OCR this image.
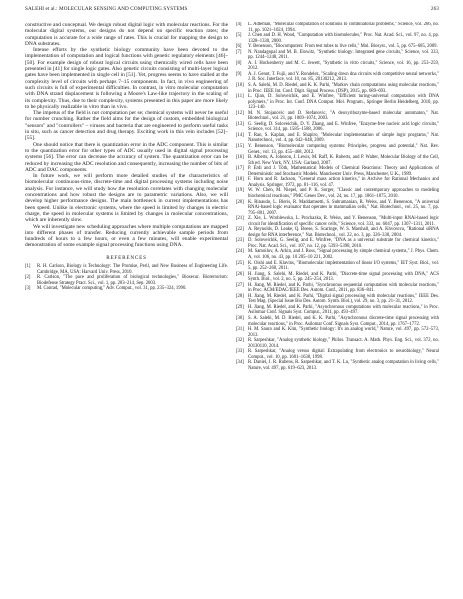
SALEHI et al.: MOLECULAR SENSING AND COMPUTING SYSTEMS	263

constructive and conceptual. We design robust digital logic with molecular reactions. For the molecular digital systems, our designs do not depend on specific reaction rates; the computation is accurate for a wide range of rates. This is crucial for mapping the design to DNA substrates.

Intense efforts by the synthetic biology community have been devoted to the implementation of computation and logical functions with genetic regulatory elements [46]–[50]. For example design of robust logical circuits using chemically wired cells have been presented in [41] for single logic gates. Also genetic circuits consisting of multi-layer logical gates have been implemented in single cell in [51]. Yet, progress seems to have stalled at the complexity level of circuits with perhaps 7–15 components. In fact, in vivo engineering of such circuits is full of experimental difficulties. In contrast, in vitro molecular computation with DNA strand displacement is following a Moore's Law-like trajectory in the scaling of its complexity. Thus, due to their complexity, systems presented in this paper are more likely to be physically realizable in vitro than in vivo.

The impetus of the field is not computation per se; chemical systems will never be useful for number crunching. Rather the field aims for the design of custom, embedded biological "sensors" and "controllers" – viruses and bacteria that are engineered to perform useful tasks in situ, such as cancer detection and drug therapy. Exciting work in this vein includes [52]–[55].

One should notice that there is quantization error in the ADC component. This is similar to the quantization error for other types of ADC usually used in digital signal processing systems [56]. The error can decrease the accuracy of system. The quantization error can be reduced by increasing the ADC resolution and consequently, increasing the number of bits of ADC and DAC components.

In future work, we will perform more detailed studies of the characteristics of biomolecular continuous-time, discrete-time and digital processing systems including noise analysis. For instance, we will study how the resolution correlates with changing molecular concentrations and how robust the designs are to parametric variations. Also, we will develop higher performance designs. The main bottleneck in current implementations has been speed. Unlike in electronic systems, where the speed is limited by changes in electric charge, the speed in molecular systems is limited by changes in molecular concentrations, which are inherently slow.

We will investigate new scheduling approaches where multiple computations are mapped into different phases of transfer. Reducing currently achievable sample periods from hundreds of hours to a few hours, or even a few minutes, will enable experimental demonstration of some example signal processing functions using DNA.

REFERENCES
[1]	R. H. Carlson, Biology is Technology: The Promise, Peril, and New Business of Engineering Life. Cambridge, MA, USA: Harvard Univ. Press, 2010.
[2]	R. Carlson, "The pace and proliferation of biological technologies," Biosecur. Bioterrorism: Biodefense Strategy Pract. Sci., vol. 1, pp. 203–214, Sep. 2003.
[3]	M. Conrad, "Molecular computing," Adv. Comput., vol. 31, pp. 235–324, 1990.
[4]	L. Adleman, "Molecular computation of solutions to combinatorial problems," Science, vol. 266, no. 11, pp. 1021–1024, 1994.
[5]	J. Chen and D. H. Wood, "Computation with biomolecules," Proc. Nat. Acad. Sci., vol. 97, no. 4, pp. 1328–1330, 2000.
[6]	Y. Benenson, "Biocomputers: From test tubes to live cells," Mol. Biosyst., vol. 5, pp. 675–685, 2009.
[7]	N. Nandagopal and M. B. Elowitz, "Synthetic biology: Integrated gene circuits," Science, vol. 333, pp. 1244–1248, 2011.
[8]	A. J. Hockenberry and M. C. Jewett, "Synthetic in vitro circuits," Science, vol. 16, pp. 253–259, 2012.
[9]	A. J. Genot, T. Fujii, and Y. Rondelez, "Scaling down dna circuits with competitive neural networks," J. R. Soc. Interface, vol. 10, no. 85, 20130212, 2013.
[10] S. A. Salehi, M. D. Riedel, and K. K. Parhi, "Markov chain computations using molecular reactions," in Proc. IEEE Int. Conf. Digit. Signal Process. (DSP), 2015, pp. 689–693.
[11] L. Qian, D. Soloveichik, and E. Winfree, "Efficient turing-universal computation with DNA polymers," in Proc. Int. Conf. DNA Comput. Mol. Program., Springer Berlin Heidelberg, 2010, pp. 123–140.
[12] M. N. Stojanovic and D. Stefanovic, "A deoxyribozyme-based molecular automaton," Nat. Biotechnol., vol. 21, pp. 1069–1074, 2003.
[13] G. Seelig, D. Soloveichik, D. Y. Zhang, and E. Winfree, "Enzyme-free nucleic acid logic circuits," Science, vol. 314, pp. 1585–1588, 2006.
[14] T. Ran, S. Kaplan, and E. Shapiro, "Molecular implementation of simple logic programs," Nat. Nanotechnol., vol. 4, pp. 642–648, 2009.
[15] Y. Benenson, "Biomolecular computing systems: Principles, progress and potential," Nat. Rev. Genet., vol. 13, pp. 455–468, 2012.
[16] B. Alberts, A. Johnson, J. Lewis, M. Raff, K. Roberts, and P. Walter, Molecular Biology of the Cell, 5th ed. New York, NY, USA: Garland, 2007.
[17] P. Érdi and J. Tóth, Mathematical Models of Chemical Reactions: Theory and Applications of Deterministic and Stochastic Models. Manchester Univ. Press, Manchester, U.K., 1989.
[18] F. Horn and R. Jackson, "General mass action kinetics," in Archive for Rational Mechanics and Analysis. Springer, 1972, pp. 81–116, vol. 47.
[19] W. W. Chen, M. Niepel, and P. K. Sorger, "Classic and contemporary approaches to modeling biochemical reactions," PMC Genes Dev., vol. 24, no. 17, pp. 1861–1875, 2010.
[20] K. Rinaudo, L. Bleris, R. Maddamsetti, S. Subramanian, R. Weiss, and Y. Benenson, "A universal RNAi-based logic evaluator that operates in mammalian cells," Nat. Biotechnol., vol. 25, no. 7, pp. 795–801, 2007.
[21] Z. Xie, L. Wroblewska, L. Prochazka, R. Weiss, and Y. Benenson, "Multi-input RNAi-based logic circuit for identification of specific cancer cells," Science, vol. 333, no. 6047, pp. 1307–1311, 2011.
[22] A. Reynolds, D. Leake, Q. Boese, S. Scaringe, W. S. Marshall, and A. Khvorova, "Rational siRNA design for RNA interference," Nat. Biotechnol., vol. 22, no. 3, pp. 326–330, 2004.
[23] D. Soloveichik, G. Seelig, and E. Winfree, "DNA as a universal substrate for chemical kinetics," Proc. Nat. Acad. Sci., vol. 107, no. 12, pp. 5393–5398, 2010.
[24] M. Samoilov, A. Arkin, and J. Ross, "Signal processing by simple chemical systems," J. Phys. Chem. A, vol. 106, no. 43, pp. 10 205–10 221, 2002.
[25] K. Oishi and E. Klavins, "Biomolecular implementation of linear I/O systems," IET Syst. Biol., vol. 5, pp. 252–260, 2011.
[26] H. Jiang, S. Salehi, M. Riedel, and K. Parhi, "Discrete-time signal processing with DNA," ACS Synth. Biol., vol. 2, no. 5, pp. 245–254, 2013.
[27] H. Jiang, M. Riedel, and K. Parhi, "Synchronous sequential computation with molecular reactions," in Proc. ACM/EDAC/IEEE Des. Autom. Conf., 2011, pp. 836–841.
[28] H. Jiang, M. Riedel, and K. Parhi, "Digital signal processing with molecular reactions," IEEE Des. Test Mag. (Special Issue Bio Des. Autom. Synth. Biol.), vol. 29, no. 3, pp. 21–31, 2012.
[29] H. Jiang, M. Riedel, and K. Parhi, "Asynchronous computations with molecular reactions," in Proc. Asilomar Conf. Signals Syst. Comput., 2011, pp. 493–497.
[30] S. A. Salehi, M. D. Riedel, and K. K. Parhi, "Asynchronous discrete-time signal processing with molecular reactions," in Proc. Asilomar Conf. Signals Syst. Comput., 2014, pp. 1767–1772.
[31] H. M. Sauro and K. Kim, "Synthetic biology: It's an analog world," Nature, vol. 497, pp. 572–573, 2013.
[32] R. Sarpeshkar, "Analog synthetic biology," Philos. Transact. A. Math. Phys. Eng. Sci., vol. 372, no. 20130110, 2014.
[33] R. Sarpeshkar, "Analog versus digital: Extrapolating from electronics to neurobiology," Neural Comput., vol. 10, pp. 1601–1638, 1998.
[34] R. Daniel, J. R. Rubens, R. Sarpeshkar, and T. K. Lu, "Synthetic analog computation in living cells," Nature, vol. 497, pp. 619–623, 2013.
